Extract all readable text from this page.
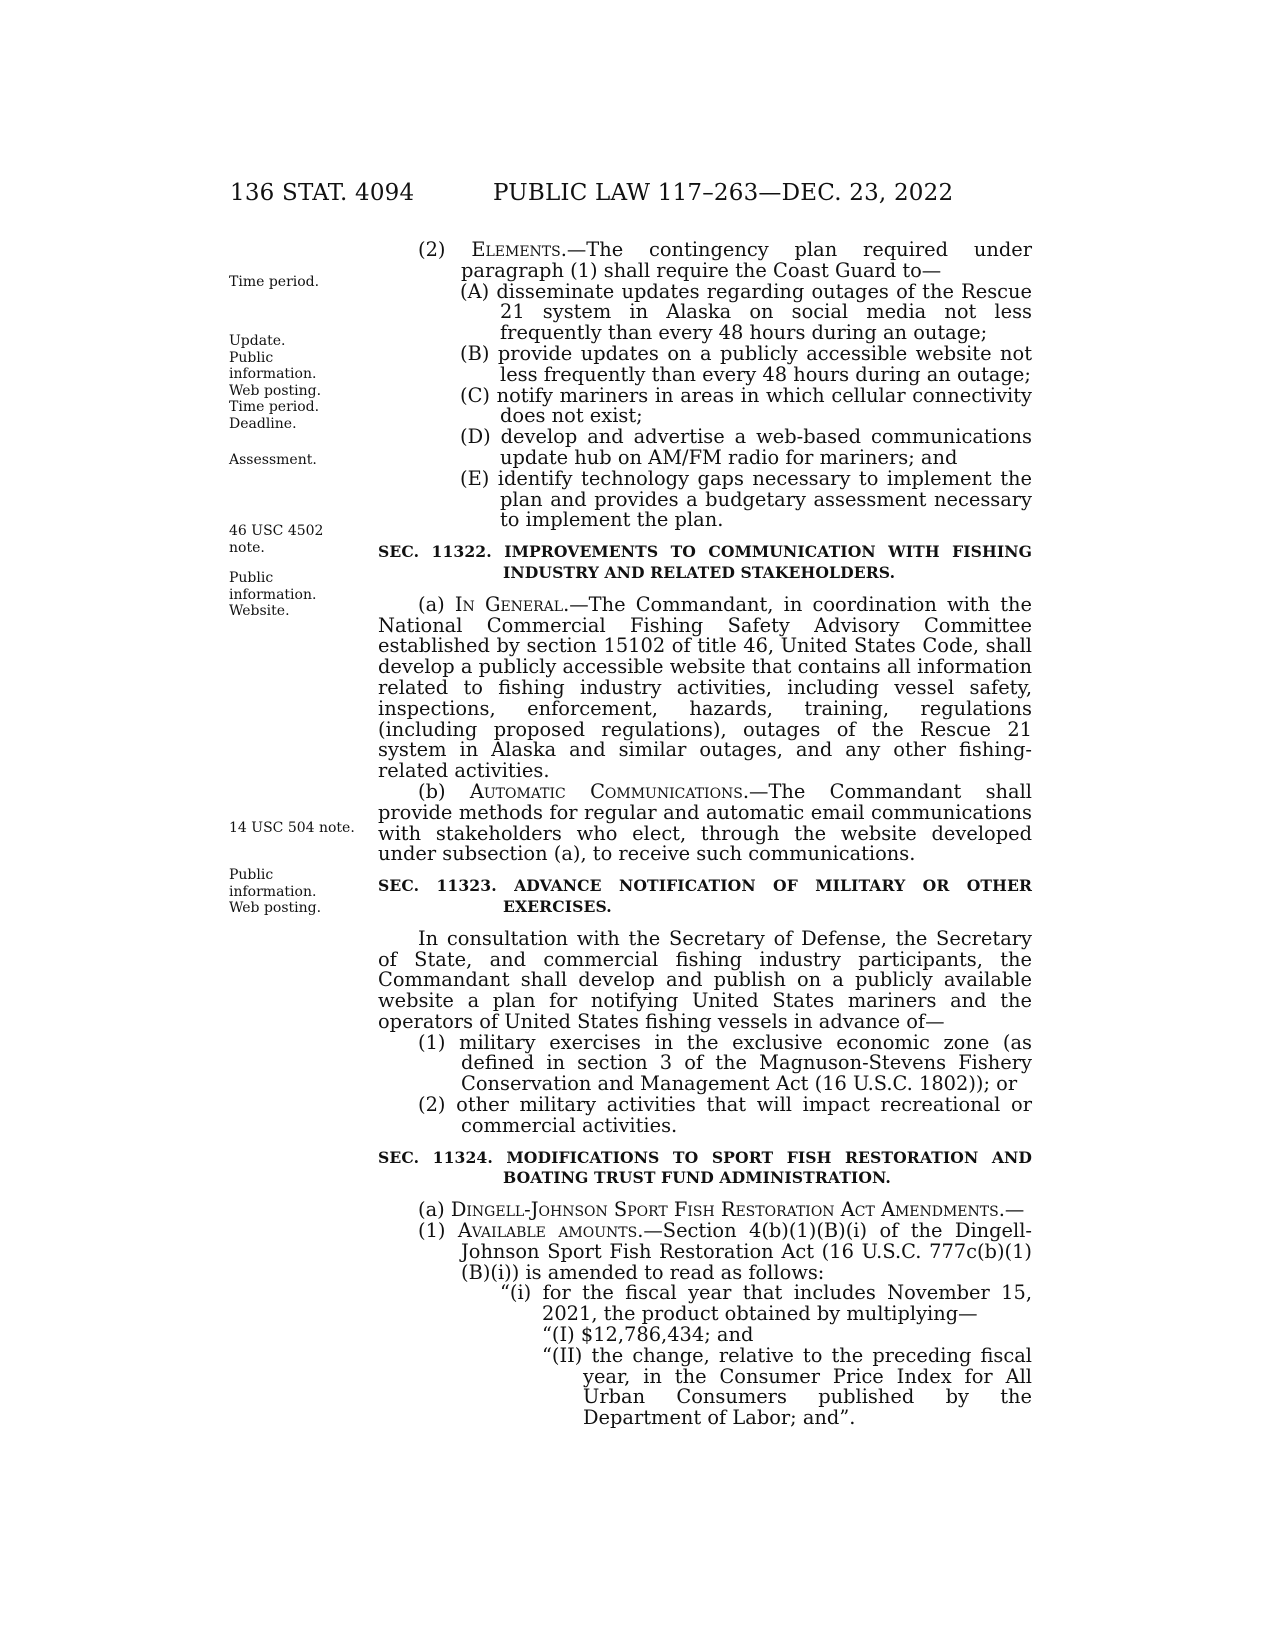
136 STAT. 4094	PUBLIC LAW 117–263—DEC. 23, 2022
Time period.
Update.
Public
information.
Web posting.
Time period.
Deadline.
Assessment.
46 USC 4502
note.
Public
information.
Website.
14 USC 504 note.
Public
information.
Web posting.

(2) Elements.—The contingency plan required under paragraph (1) shall require the Coast Guard to—

(A) disseminate updates regarding outages of the Rescue 21 system in Alaska on social media not less frequently than every 48 hours during an outage;

(B) provide updates on a publicly accessible website not less frequently than every 48 hours during an outage;

(C) notify mariners in areas in which cellular connectivity does not exist;

(D) develop and advertise a web-based communications update hub on AM/FM radio for mariners; and

(E) identify technology gaps necessary to implement the plan and provides a budgetary assessment necessary to implement the plan.

SEC. 11322. IMPROVEMENTS TO COMMUNICATION WITH FISHING INDUSTRY AND RELATED STAKEHOLDERS.

(a) In General.—The Commandant, in coordination with the National Commercial Fishing Safety Advisory Committee established by section 15102 of title 46, United States Code, shall develop a publicly accessible website that contains all information related to fishing industry activities, including vessel safety, inspections, enforcement, hazards, training, regulations (including proposed regulations), outages of the Rescue 21 system in Alaska and similar outages, and any other fishing-related activities.

(b) Automatic Communications.—The Commandant shall provide methods for regular and automatic email communications with stakeholders who elect, through the website developed under subsection (a), to receive such communications.

SEC. 11323. ADVANCE NOTIFICATION OF MILITARY OR OTHER EXERCISES.

In consultation with the Secretary of Defense, the Secretary of State, and commercial fishing industry participants, the Commandant shall develop and publish on a publicly available website a plan for notifying United States mariners and the operators of United States fishing vessels in advance of—

(1) military exercises in the exclusive economic zone (as defined in section 3 of the Magnuson-Stevens Fishery Conservation and Management Act (16 U.S.C. 1802)); or

(2) other military activities that will impact recreational or commercial activities.

SEC. 11324. MODIFICATIONS TO SPORT FISH RESTORATION AND BOATING TRUST FUND ADMINISTRATION.

(a) Dingell-Johnson Sport Fish Restoration Act Amendments.—

(1) Available amounts.—Section 4(b)(1)(B)(i) of the Dingell-Johnson Sport Fish Restoration Act (16 U.S.C. 777c(b)(1)(B)(i)) is amended to read as follows:

“(i) for the fiscal year that includes November 15, 2021, the product obtained by multiplying—

“(I) $12,786,434; and

“(II) the change, relative to the preceding fiscal year, in the Consumer Price Index for All Urban Consumers published by the Department of Labor; and”.
